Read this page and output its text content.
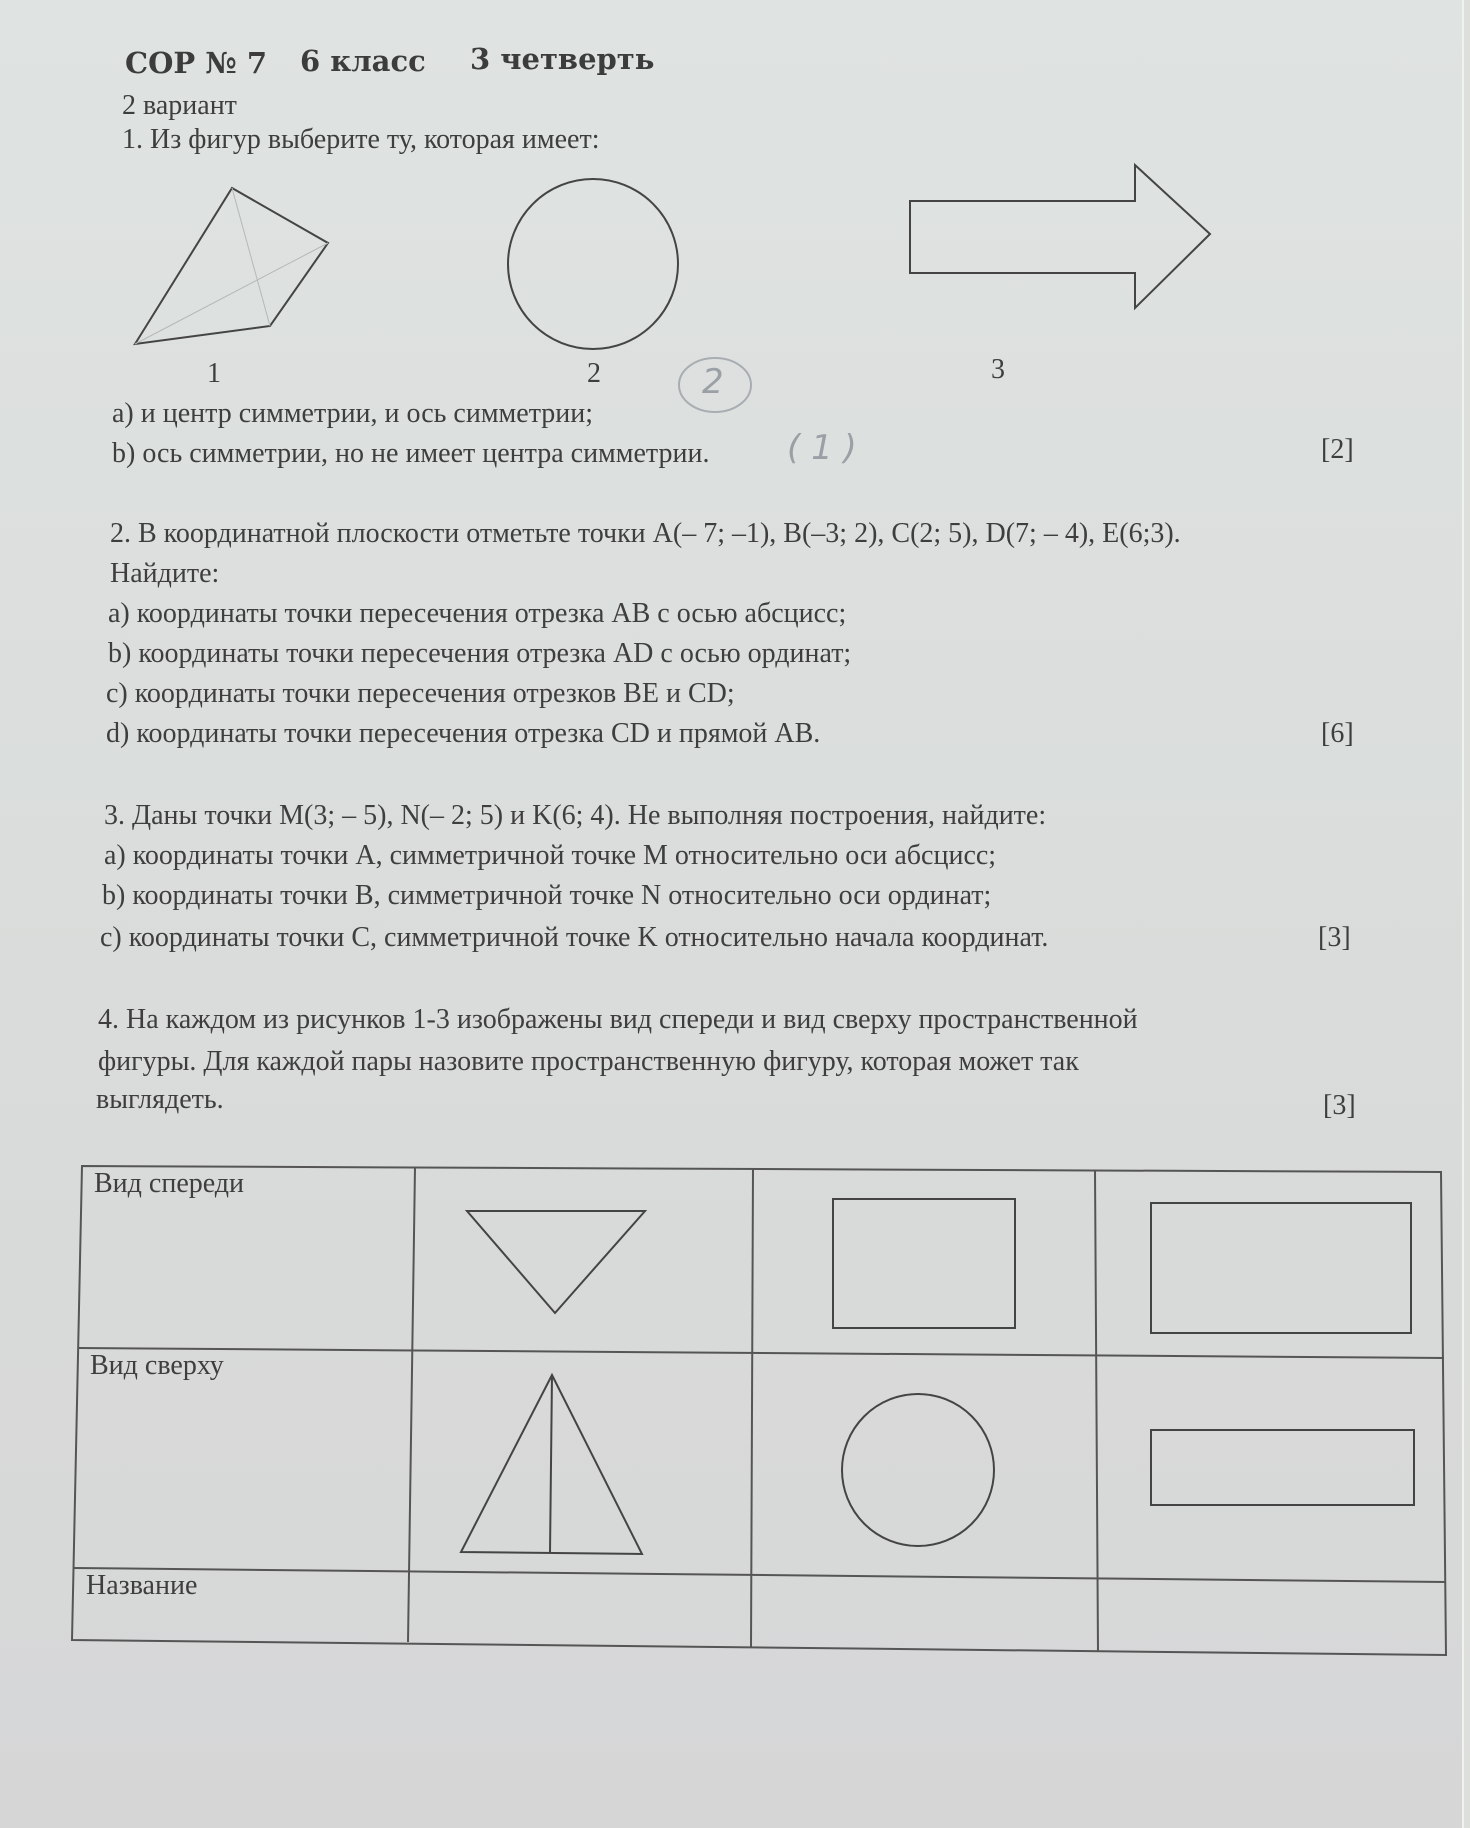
СОР № 7 6 класс 3 четверть
2 вариант
1. Из фигур выберите ту, которая имеет:
1	2	3
2
a) и центр симметрии, и ось симметрии;
b) ось симметрии, но не имеет центра симметрии. ( 1 )	[2]
2. В координатной плоскости отметьте точки A(– 7; –1), B(–3; 2), C(2; 5), D(7; – 4), E(6;3).
Найдите:
a) координаты точки пересечения отрезка AB с осью абсцисс;
b) координаты точки пересечения отрезка AD с осью ординат;
c) координаты точки пересечения отрезков BE и CD;
d) координаты точки пересечения отрезка CD и прямой AB.	[6]
3. Даны точки M(3; – 5), N(– 2; 5) и K(6; 4). Не выполняя построения, найдите:
a) координаты точки A, симметричной точке M относительно оси абсцисс;
b) координаты точки B, симметричной точке N относительно оси ординат;
c) координаты точки C, симметричной точке K относительно начала координат.	[3]
4. На каждом из рисунков 1-3 изображены вид спереди и вид сверху пространственной
фигуры. Для каждой пары назовите пространственную фигуру, которая может так
выглядеть.	[3]
Вид спереди
Вид сверху
Название
